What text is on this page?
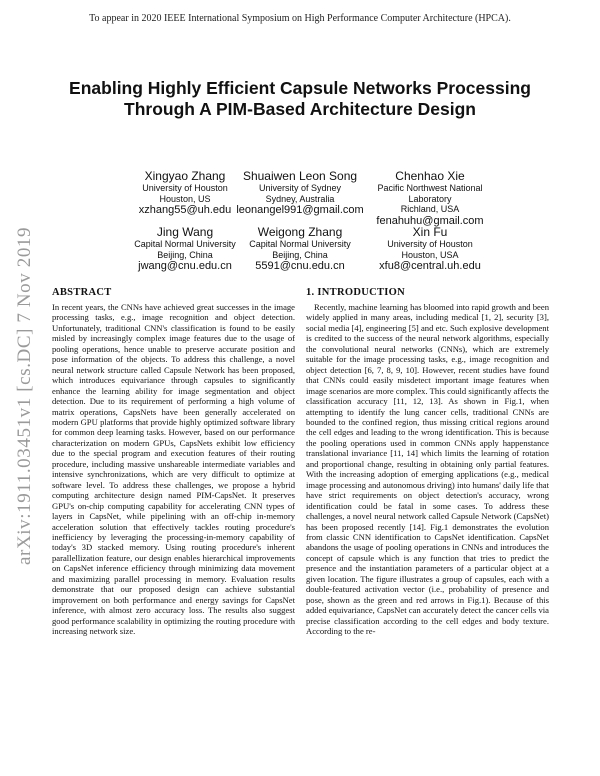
To appear in 2020 IEEE International Symposium on High Performance Computer Architecture (HPCA).
arXiv:1911.03451v1 [cs.DC] 7 Nov 2019
Enabling Highly Efficient Capsule Networks Processing Through A PIM-Based Architecture Design
Xingyao Zhang
University of Houston
Houston, US
xzhang55@uh.edu
Shuaiwen Leon Song
University of Sydney
Sydney, Australia
leonangel991@gmail.com
Chenhao Xie
Pacific Northwest National
Laboratory
Richland, USA
fenahuhu@gmail.com
Jing Wang
Capital Normal University
Beijing, China
jwang@cnu.edu.cn
Weigong Zhang
Capital Normal University
Beijing, China
5591@cnu.edu.cn
Xin Fu
University of Houston
Houston, USA
xfu8@central.uh.edu
ABSTRACT

In recent years, the CNNs have achieved great successes in the image processing tasks, e.g., image recognition and object detection. Unfortunately, traditional CNN's classification is found to be easily misled by increasingly complex image features due to the usage of pooling operations, hence unable to preserve accurate position and pose information of the objects. To address this challenge, a novel neural network structure called Capsule Network has been proposed, which introduces equivariance through capsules to significantly enhance the learning ability for image segmentation and object detection. Due to its requirement of performing a high volume of matrix operations, CapsNets have been generally accelerated on modern GPU platforms that provide highly optimized software library for common deep learning tasks. However, based on our performance characterization on modern GPUs, CapsNets exhibit low efficiency due to the special program and execution features of their routing procedure, including massive unshareable intermediate variables and intensive synchronizations, which are very difficult to optimize at software level. To address these challenges, we propose a hybrid computing architecture design named PIM-CapsNet. It preserves GPU's on-chip computing capability for accelerating CNN types of layers in CapsNet, while pipelining with an off-chip in-memory acceleration solution that effectively tackles routing procedure's inefficiency by leveraging the processing-in-memory capability of today's 3D stacked memory. Using routing procedure's inherent parallellization feature, our design enables hierarchical improvements on CapsNet inference efficiency through minimizing data movement and maximizing parallel processing in memory. Evaluation results demonstrate that our proposed design can achieve substantial improvement on both performance and energy savings for CapsNet inference, with almost zero accuracy loss. The results also suggest good performance scalability in optimizing the routing procedure with increasing network size.

1. INTRODUCTION

Recently, machine learning has bloomed into rapid growth and been widely applied in many areas, including medical [1, 2], security [3], social media [4], engineering [5] and etc. Such explosive development is credited to the success of the neural network algorithms, especially the convolutional neural networks (CNNs), which are extremely suitable for the image processing tasks, e.g., image recognition and object detection [6, 7, 8, 9, 10]. However, recent studies have found that CNNs could easily misdetect important image features when image scenarios are more complex. This could significantly affects the classification accuracy [11, 12, 13]. As shown in Fig.1, when attempting to identify the lung cancer cells, traditional CNNs are bounded to the confined region, thus missing critical regions around the cell edges and leading to the wrong identification. This is because the pooling operations used in common CNNs apply happenstance translational invariance [11, 14] which limits the learning of rotation and proportional change, resulting in obtaining only partial features. With the increasing adoption of emerging applications (e.g., medical image processing and autonomous driving) into humans' daily life that have strict requirements on object detection's accuracy, wrong identification could be fatal in some cases. To address these challenges, a novel neural network called Capsule Network (CapsNet) has been proposed recently [14]. Fig.1 demonstrates the evolution from classic CNN identification to CapsNet identification. CapsNet abandons the usage of pooling operations in CNNs and introduces the concept of capsule which is any function that tries to predict the presence and the instantiation parameters of a particular object at a given location. The figure illustrates a group of capsules, each with a double-featured activation vector (i.e., probability of presence and pose, shown as the green and red arrows in Fig.1). Because of this added equivariance, CapsNet can accurately detect the cancer cells via precise classification according to the cell edges and body texture. According to the re-
